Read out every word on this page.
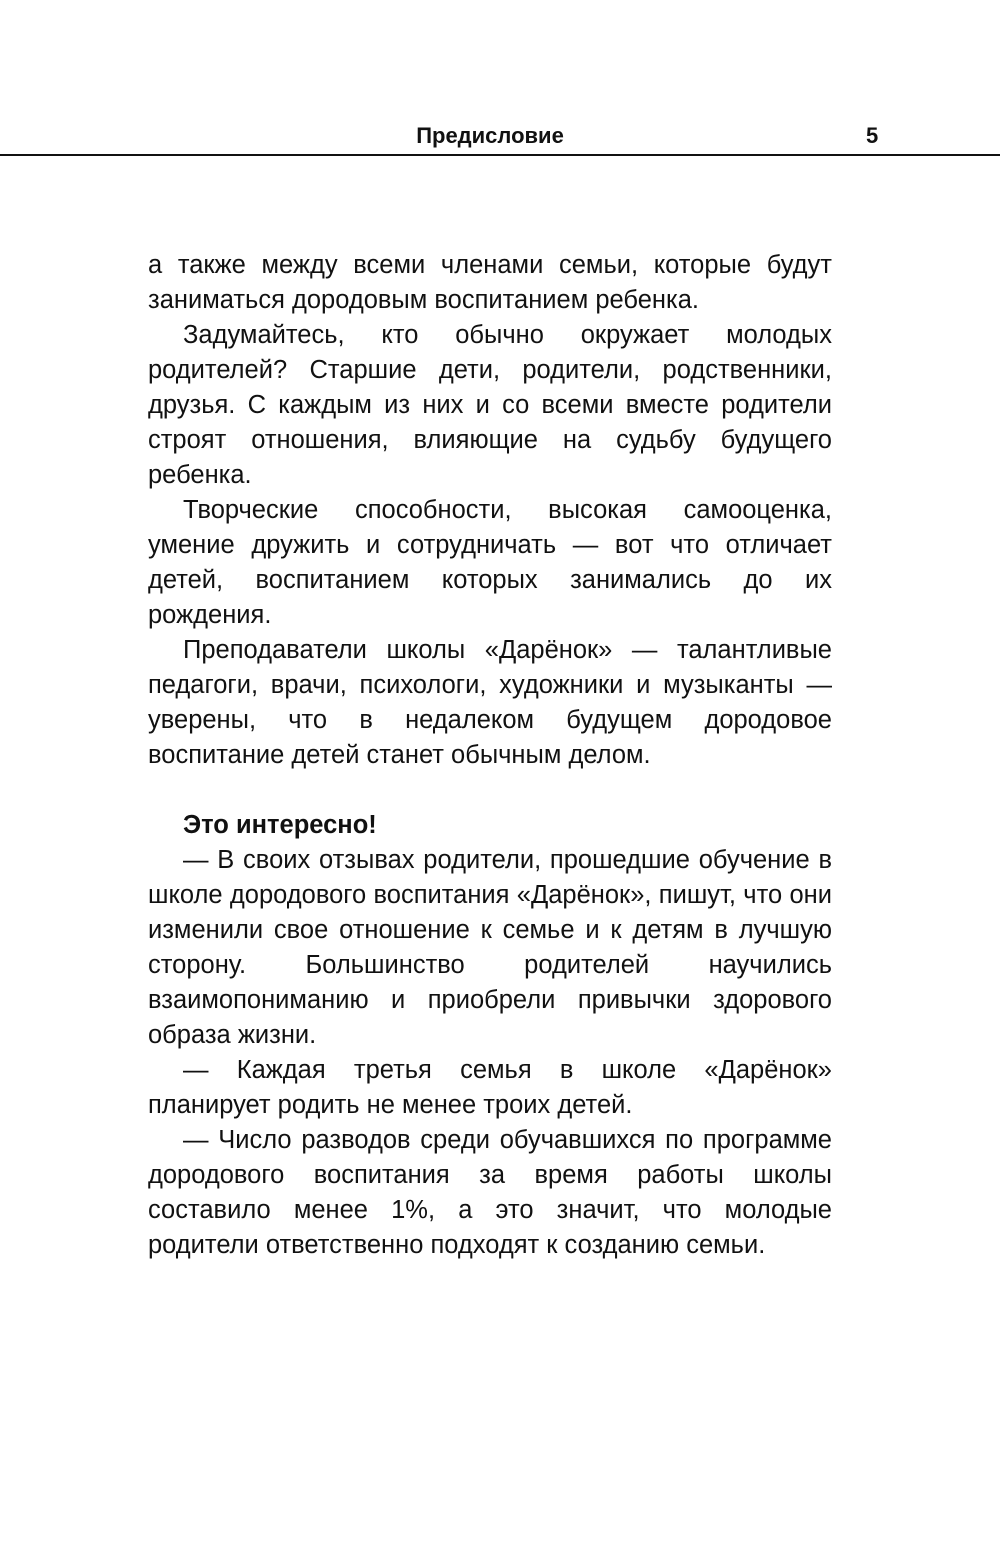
Предисловие	5

а также между всеми членами семьи, которые будут заниматься дородовым воспитанием ребенка.

Задумайтесь, кто обычно окружает молодых родителей? Старшие дети, родители, родственники, друзья. С каждым из них и со всеми вместе родители строят отношения, влияющие на судьбу будущего ребенка.

Творческие способности, высокая самооценка, умение дружить и сотрудничать — вот что отличает детей, воспитанием которых занимались до их рождения.

Преподаватели школы «Дарёнок» — талантливые педагоги, врачи, психологи, художники и музыканты — уверены, что в недалеком будущем дородовое воспитание детей станет обычным делом.

Это интересно!

— В своих отзывах родители, прошедшие обучение в школе дородового воспитания «Дарёнок», пишут, что они изменили свое отношение к семье и к детям в лучшую сторону. Большинство родителей научились взаимопониманию и приобрели привычки здорового образа жизни.

— Каждая третья семья в школе «Дарёнок» планирует родить не менее троих детей.

— Число разводов среди обучавшихся по программе дородового воспитания за время работы школы составило менее 1%, а это значит, что молодые родители ответственно подходят к созданию семьи.
